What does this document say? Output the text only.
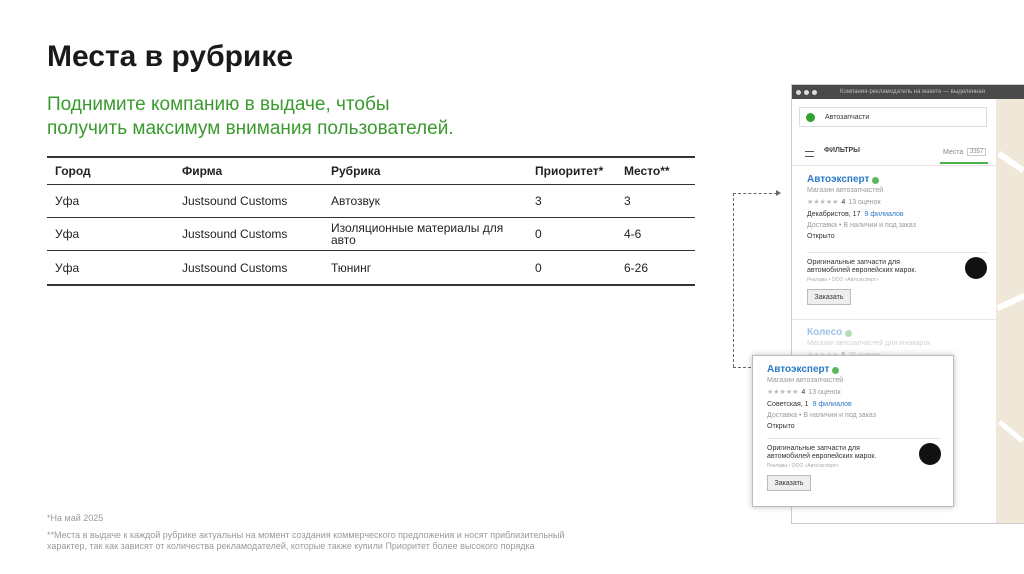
Места в рубрике
Поднимите компанию в выдаче, чтобы
получить максимум внимания пользователей.
Город	Фирма	Рубрика	Приоритет*	Место**
Уфа	Justsound Customs	Автозвук	3	3
Уфа	Justsound Customs	Изоляционные материалы для авто	0	4-6
Уфа	Justsound Customs	Тюнинг	0	6-26
*На май 2025
**Места в выдаче к каждой рубрике актуальны на момент создания коммерческого предложения и носят приблизительный
характер, так как зависят от количества рекламодателей, которые также купили Приоритет более высокого порядка
Компания-рекламодатель на макете — выделенная
Автозапчасти
ФИЛЬТРЫ	Места	3357
Автоэксперт
Магазин автозапчастей
★★★★★ 4 13 оценок
Декабристов, 17 9 филиалов
Доставка • В наличии и под заказ
Открыто
Оригинальные запчасти для автомобилей европейских марок.
Реклама • ООО «Автоэксперт»
Заказать
Колесо
Магазин автозапчастей для иномарок
Автоэксперт
Магазин автозапчастей
★★★★★ 4 13 оценок
Советская, 1 9 филиалов
Доставка • В наличии и под заказ
Открыто
Оригинальные запчасти для автомобилей европейских марок.
Реклама • ООО «Автоэксперт»
Заказать
